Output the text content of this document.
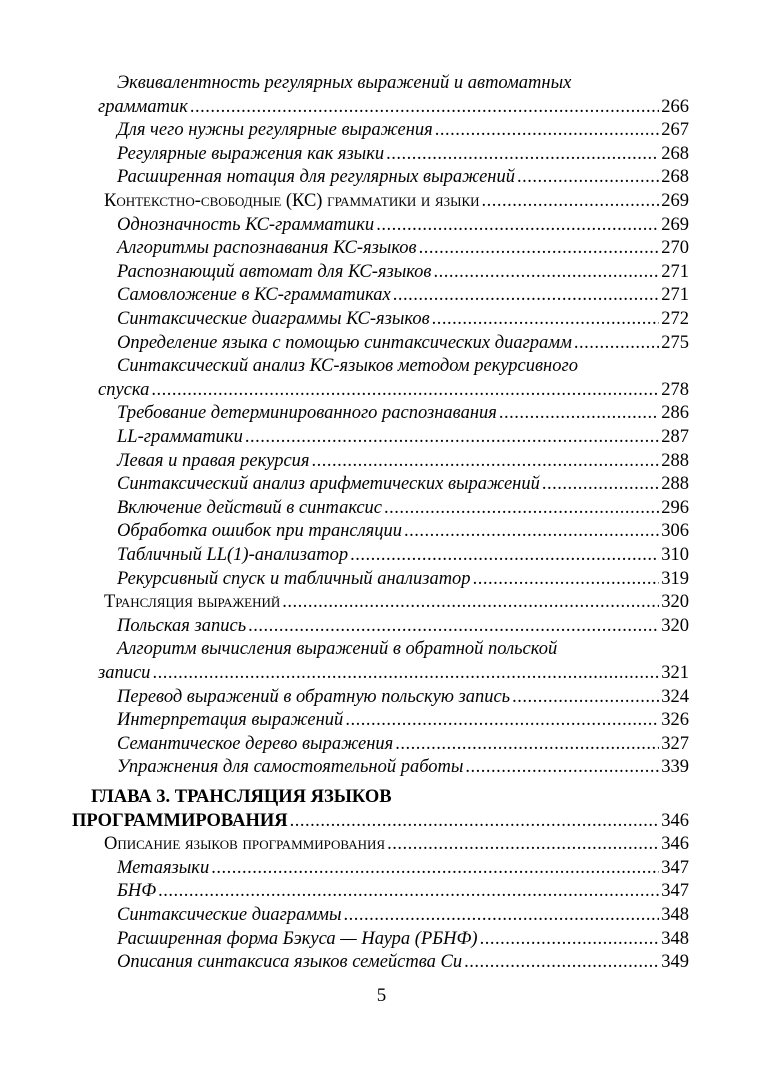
Эквивалентность регулярных выражений и автоматных
грамматик .....	266
Для чего нужны регулярные выражения .....	267
Регулярные выражения как языки .....	268
Расширенная нотация для регулярных выражений .....	268
Контекстно-свободные (КС) грамматики и языки .....	269
Однозначность КС-грамматики .....	269
Алгоритмы распознавания КС-языков .....	270
Распознающий автомат для КС-языков .....	271
Самовложение в КС-грамматиках .....	271
Синтаксические диаграммы КС-языков .....	272
Определение языка с помощью синтаксических диаграмм .....	275
Синтаксический анализ КС-языков методом рекурсивного
спуска .....	278
Требование детерминированного распознавания .....	286
LL-грамматики .....	287
Левая и правая рекурсия .....	288
Синтаксический анализ арифметических выражений .....	288
Включение действий в синтаксис .....	296
Обработка ошибок при трансляции .....	306
Табличный LL(1)-анализатор .....	310
Рекурсивный спуск и табличный анализатор .....	319
Трансляция выражений .....	320
Польская запись .....	320
Алгоритм вычисления выражений в обратной польской
записи .....	321
Перевод выражений в обратную польскую запись .....	324
Интерпретация выражений .....	326
Семантическое дерево выражения .....	327
Упражнения для самостоятельной работы .....	339
ГЛАВА 3. ТРАНСЛЯЦИЯ ЯЗЫКОВ
ПРОГРАММИРОВАНИЯ .....	346
Описание языков программирования .....	346
Метаязыки .....	347
БНФ .....	347
Синтаксические диаграммы .....	348
Расширенная форма Бэкуса — Наура (РБНФ) .....	348
Описания синтаксиса языков семейства Си .....	349
5
